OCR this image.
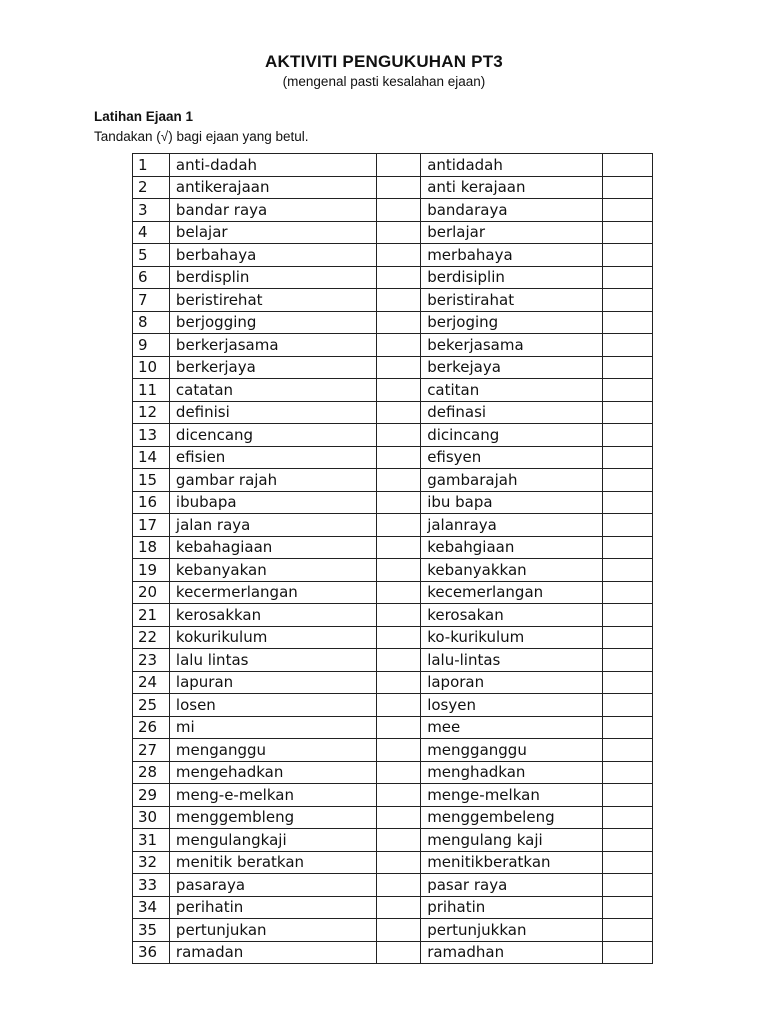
AKTIVITI PENGUKUHAN PT3
(mengenal pasti kesalahan ejaan)
Latihan Ejaan 1
Tandakan (√) bagi ejaan yang betul.
1	anti-dadah		antidadah	
2	antikerajaan		anti kerajaan	
3	bandar raya		bandaraya	
4	belajar		berlajar	
5	berbahaya		merbahaya	
6	berdisplin		berdisiplin	
7	beristirehat		beristirahat	
8	berjogging		berjoging	
9	berkerjasama		bekerjasama	
10	berkerjaya		berkejaya	
11	catatan		catitan	
12	definisi		definasi	
13	dicencang		dicincang	
14	efisien		efisyen	
15	gambar rajah		gambarajah	
16	ibubapa		ibu bapa	
17	jalan raya		jalanraya	
18	kebahagiaan		kebahgiaan	
19	kebanyakan		kebanyakkan	
20	kecermerlangan		kecemerlangan	
21	kerosakkan		kerosakan	
22	kokurikulum		ko-kurikulum	
23	lalu lintas		lalu-lintas	
24	lapuran		laporan	
25	losen		losyen	
26	mi		mee	
27	menganggu		mengganggu	
28	mengehadkan		menghadkan	
29	meng-e-melkan		menge-melkan	
30	menggembleng		menggembeleng	
31	mengulangkaji		mengulang kaji	
32	menitik beratkan		menitikberatkan	
33	pasaraya		pasar raya	
34	perihatin		prihatin	
35	pertunjukan		pertunjukkan	
36	ramadan		ramadhan	
